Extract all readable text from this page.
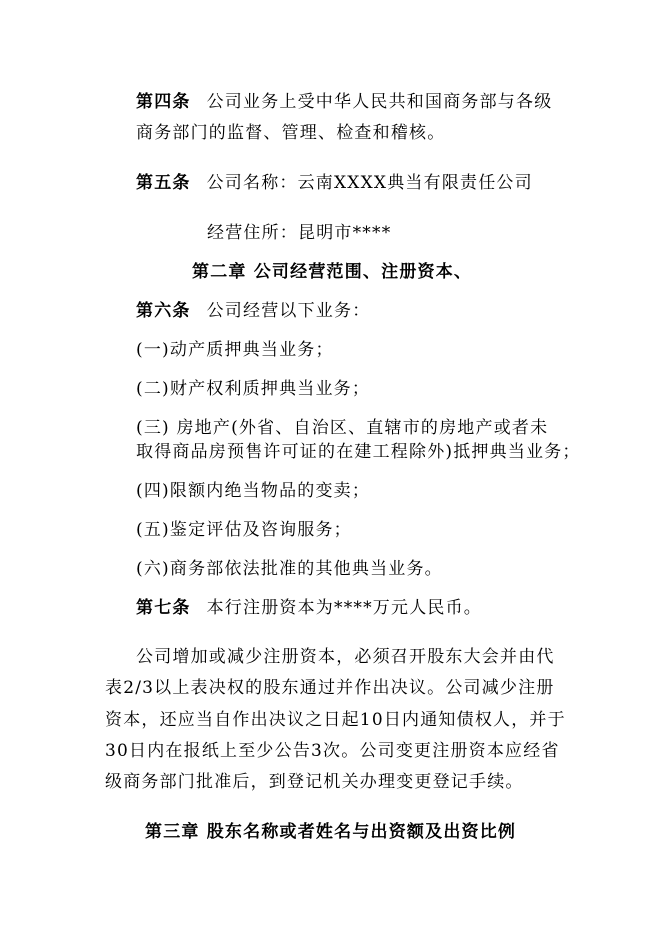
第四条 公司业务上受中华人民共和国商务部与各级
商务部门的监督、管理、检查和稽核。
第五条 公司名称：云南XXXX典当有限责任公司
经营住所：昆明市****
第二章 公司经营范围、注册资本、
第六条 公司经营以下业务：
(一)动产质押典当业务；
(二)财产权利质押典当业务；
(三) 房地产(外省、自治区、直辖市的房地产或者未
取得商品房预售许可证的在建工程除外)抵押典当业务；
(四)限额内绝当物品的变卖；
(五)鉴定评估及咨询服务；
(六)商务部依法批准的其他典当业务。
第七条 本行注册资本为****万元人民币。
公司增加或减少注册资本，必须召开股东大会并由代
表2/3以上表决权的股东通过并作出决议。公司减少注册
资本，还应当自作出决议之日起10日内通知债权人，并于
30日内在报纸上至少公告3次。公司变更注册资本应经省
级商务部门批准后，到登记机关办理变更登记手续。
第三章 股东名称或者姓名与出资额及出资比例
